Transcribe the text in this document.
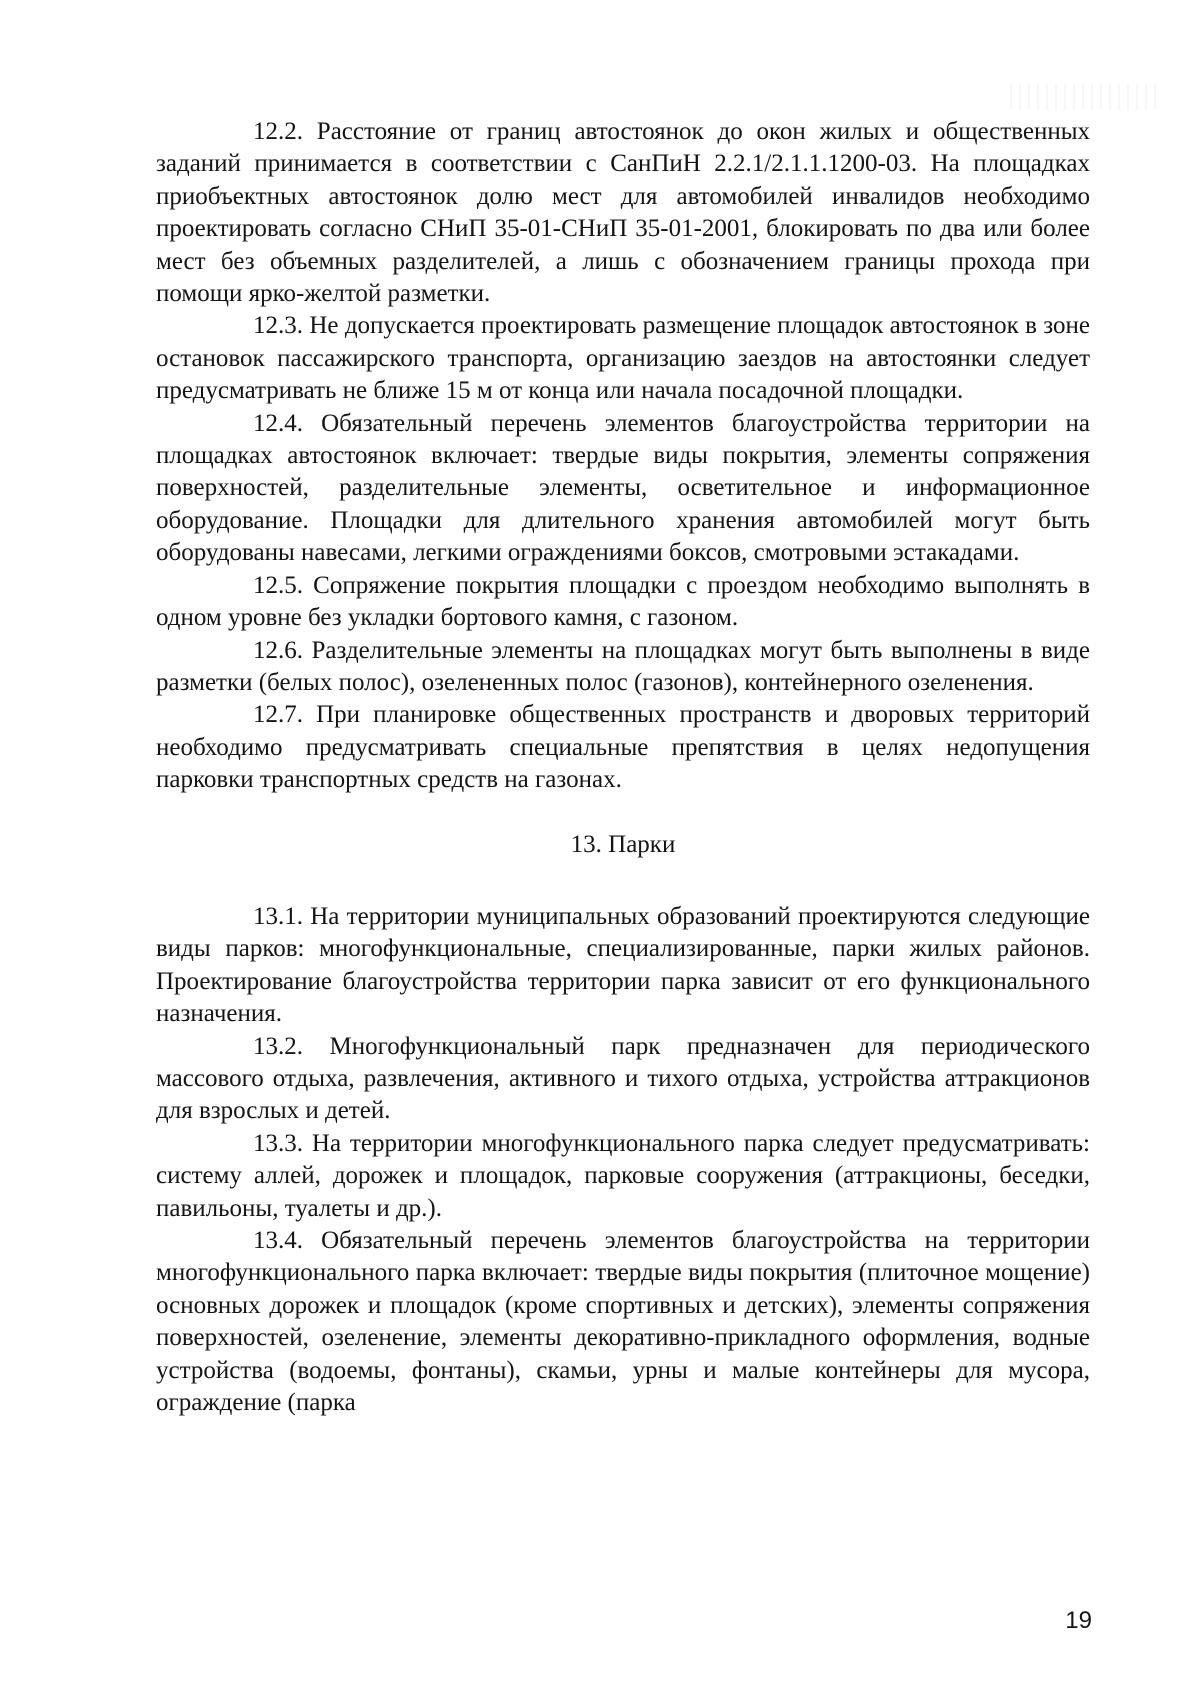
12.2. Расстояние от границ автостоянок до окон жилых и общественных заданий принимается в соответствии с СанПиН 2.2.1/2.1.1.1200-03. На площадках приобъектных автостоянок долю мест для автомобилей инвалидов необходимо проектировать согласно СНиП 35-01-СНиП 35-01-2001, блокировать по два или более мест без объемных разделителей, а лишь с обозначением границы прохода при помощи ярко-желтой разметки.

12.3. Не допускается проектировать размещение площадок автостоянок в зоне остановок пассажирского транспорта, организацию заездов на автостоянки следует предусматривать не ближе 15 м от конца или начала посадочной площадки.

12.4. Обязательный перечень элементов благоустройства территории на площадках автостоянок включает: твердые виды покрытия, элементы сопряжения поверхностей, разделительные элементы, осветительное и информационное оборудование. Площадки для длительного хранения автомобилей могут быть оборудованы навесами, легкими ограждениями боксов, смотровыми эстакадами.

12.5. Сопряжение покрытия площадки с проездом необходимо выполнять в одном уровне без укладки бортового камня, с газоном.

12.6. Разделительные элементы на площадках могут быть выполнены в виде разметки (белых полос), озелененных полос (газонов), контейнерного озеленения.

12.7. При планировке общественных пространств и дворовых территорий необходимо предусматривать специальные препятствия в целях недопущения парковки транспортных средств на газонах.

13. Парки

13.1. На территории муниципальных образований проектируются следующие виды парков: многофункциональные, специализированные, парки жилых районов. Проектирование благоустройства территории парка зависит от его функционального назначения.

13.2. Многофункциональный парк предназначен для периодического массового отдыха, развлечения, активного и тихого отдыха, устройства аттракционов для взрослых и детей.

13.3. На территории многофункционального парка следует предусматривать: систему аллей, дорожек и площадок, парковые сооружения (аттракционы, беседки, павильоны, туалеты и др.).

13.4. Обязательный перечень элементов благоустройства на территории многофункционального парка включает: твердые виды покрытия (плиточное мощение) основных дорожек и площадок (кроме спортивных и детских), элементы сопряжения поверхностей, озеленение, элементы декоративно-прикладного оформления, водные устройства (водоемы, фонтаны), скамьи, урны и малые контейнеры для мусора, ограждение (парка

19
